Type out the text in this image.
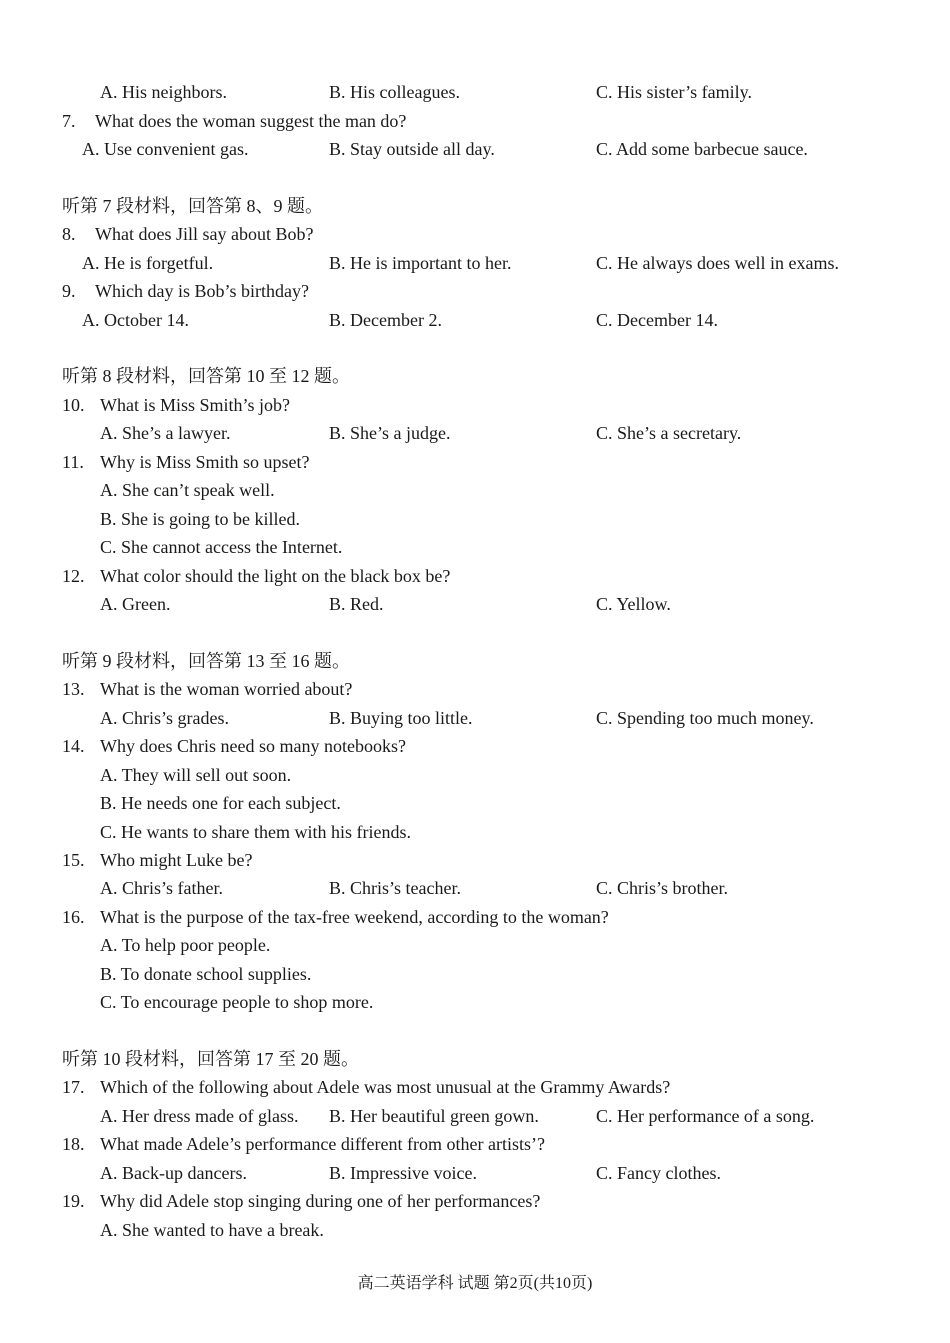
A. His neighbors.	B. His colleagues.	C. His sister’s family.
7. What does the woman suggest the man do?
A. Use convenient gas.	B. Stay outside all day.	C. Add some barbecue sauce.
听第 7 段材料，回答第 8、9 题。
8. What does Jill say about Bob?
A. He is forgetful.	B. He is important to her.	C. He always does well in exams.
9. Which day is Bob’s birthday?
A. October 14.	B. December 2.	C. December 14.
听第 8 段材料，回答第 10 至 12 题。
10. What is Miss Smith’s job?
A. She’s a lawyer.	B. She’s a judge.	C. She’s a secretary.
11. Why is Miss Smith so upset?
A. She can’t speak well.
B. She is going to be killed.
C. She cannot access the Internet.
12. What color should the light on the black box be?
A. Green.	B. Red.	C. Yellow.
听第 9 段材料，回答第 13 至 16 题。
13. What is the woman worried about?
A. Chris’s grades.	B. Buying too little.	C. Spending too much money.
14. Why does Chris need so many notebooks?
A. They will sell out soon.
B. He needs one for each subject.
C. He wants to share them with his friends.
15. Who might Luke be?
A. Chris’s father.	B. Chris’s teacher.	C. Chris’s brother.
16. What is the purpose of the tax-free weekend, according to the woman?
A. To help poor people.
B. To donate school supplies.
C. To encourage people to shop more.
听第 10 段材料，回答第 17 至 20 题。
17. Which of the following about Adele was most unusual at the Grammy Awards?
A. Her dress made of glass. B. Her beautiful green gown.	C. Her performance of a song.
18. What made Adele’s performance different from other artists’?
A. Back-up dancers.	B. Impressive voice.	C. Fancy clothes.
19. Why did Adele stop singing during one of her performances?
A. She wanted to have a break.
高二英语学科 试题 第2页(共10页)
